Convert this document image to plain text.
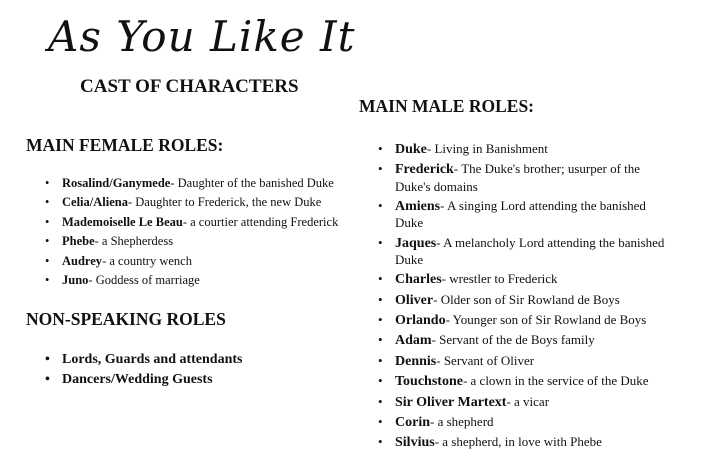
As You Like It
CAST OF CHARACTERS
MAIN FEMALE ROLES:
• Rosalind/Ganymede- Daughter of the banished Duke
• Celia/Aliena- Daughter to Frederick, the new Duke
• Mademoiselle Le Beau- a courtier attending Frederick
• Phebe- a Shepherdess
• Audrey- a country wench
• Juno- Goddess of marriage
NON-SPEAKING ROLES
• Lords, Guards and attendants
• Dancers/Wedding Guests
MAIN MALE ROLES:
• Duke- Living in Banishment
• Frederick- The Duke's brother; usurper of the
Duke's domains
• Amiens- A singing Lord attending the banished
Duke
• Jaques- A melancholy Lord attending the banished
Duke
• Charles- wrestler to Frederick
• Oliver- Older son of Sir Rowland de Boys
• Orlando- Younger son of Sir Rowland de Boys
• Adam- Servant of the de Boys family
• Dennis- Servant of Oliver
• Touchstone- a clown in the service of the Duke
• Sir Oliver Martext- a vicar
• Corin- a shepherd
• Silvius- a shepherd, in love with Phebe
